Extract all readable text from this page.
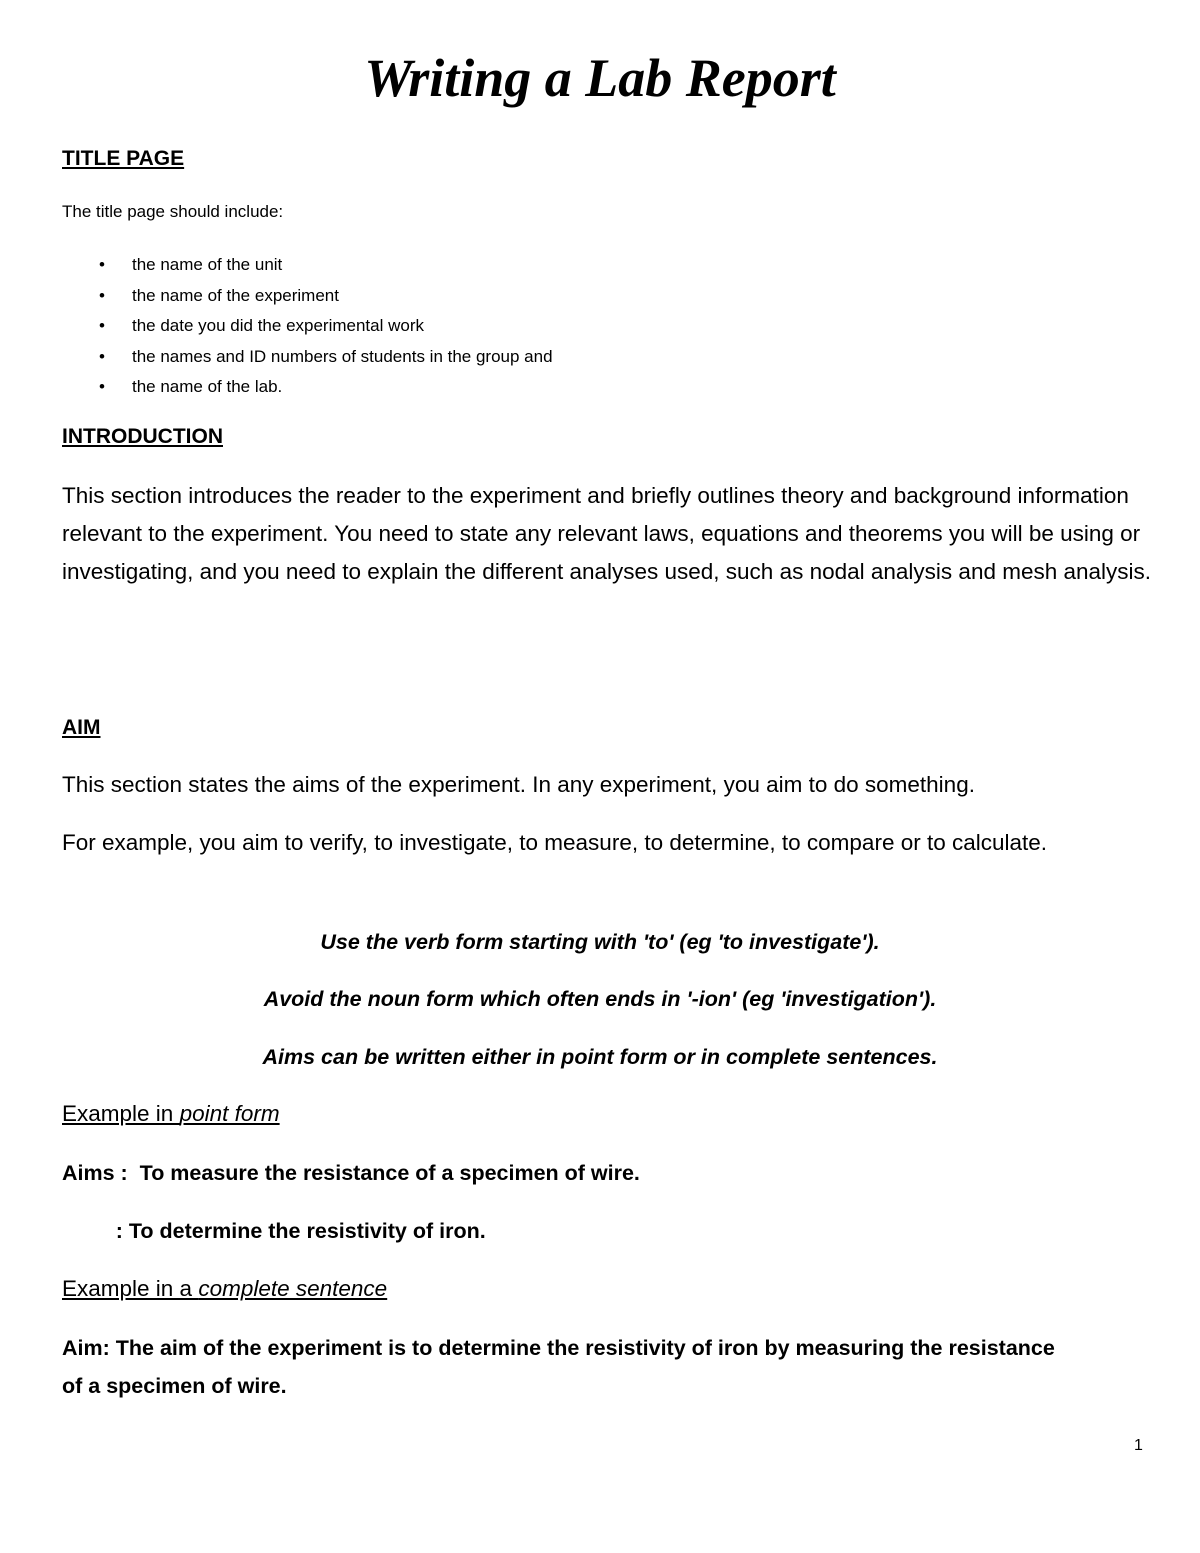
Writing a Lab Report
TITLE PAGE

The title page should include:

• the name of the unit
• the name of the experiment
• the date you did the experimental work
• the names and ID numbers of students in the group and
• the name of the lab.
INTRODUCTION

This section introduces the reader to the experiment and briefly outlines theory and background information relevant to the experiment. You need to state any relevant laws, equations and theorems you will be using or investigating, and you need to explain the different analyses used, such as nodal analysis and mesh analysis.

AIM

This section states the aims of the experiment. In any experiment, you aim to do something.

For example, you aim to verify, to investigate, to measure, to determine, to compare or to calculate.

Use the verb form starting with 'to' (eg 'to investigate').

Avoid the noun form which often ends in '-ion' (eg 'investigation').

Aims can be written either in point form or in complete sentences.

Example in point form

Aims :  To measure the resistance of a specimen of wire.

: To determine the resistivity of iron.

Example in a complete sentence

Aim: The aim of the experiment is to determine the resistivity of iron by measuring the resistance of a specimen of wire.

1
